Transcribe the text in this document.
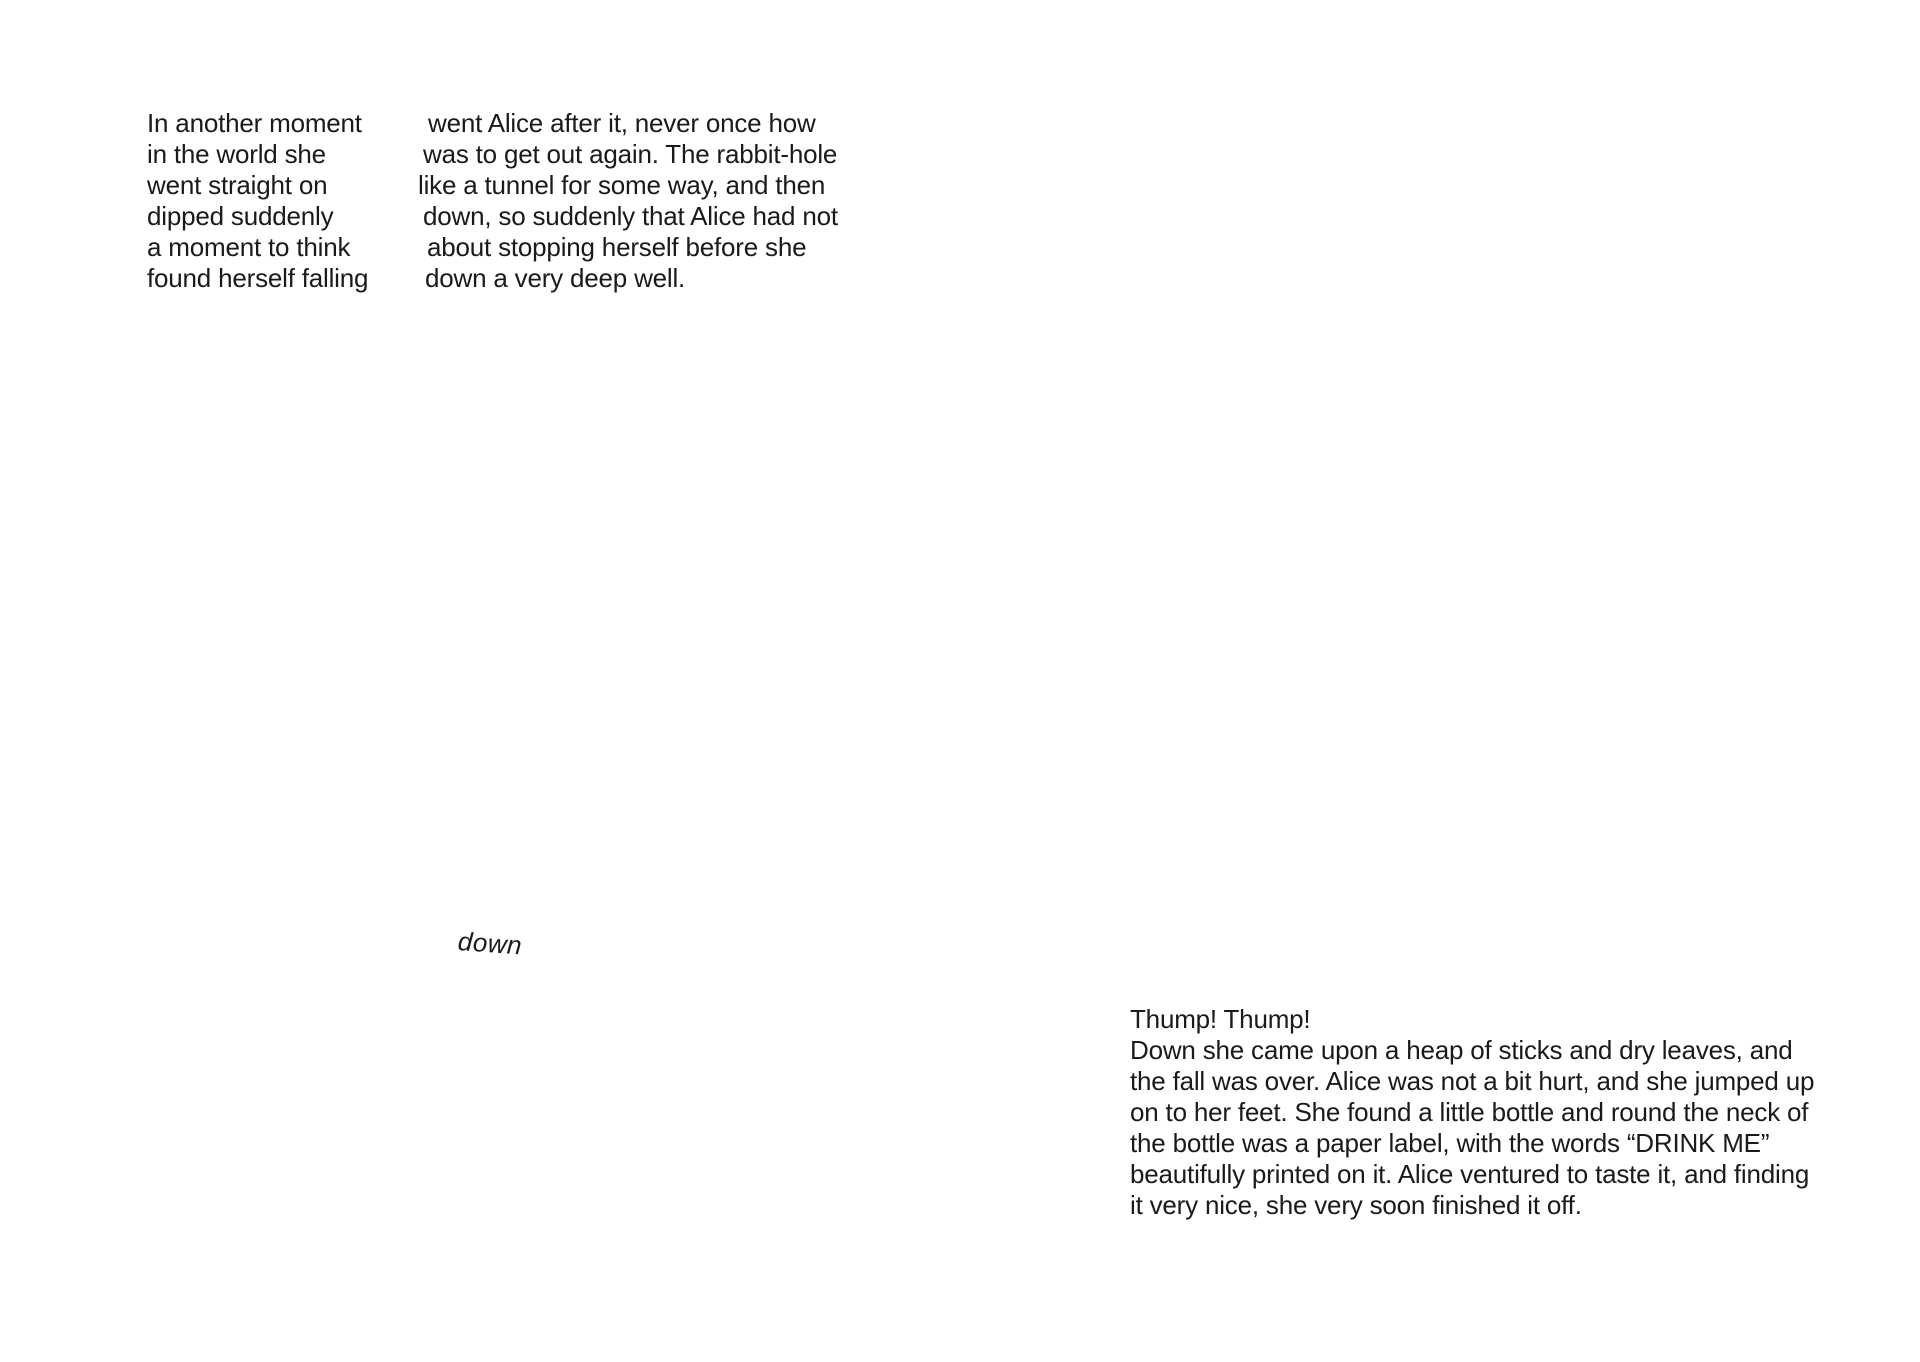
In another moment
in the world she
went straight on
dipped suddenly
a moment to think
found herself falling
went Alice after it, never once how
was to get out again. The rabbit-hole
like a tunnel for some way, and then
down, so suddenly that Alice had not
about stopping herself before she
down a very deep well.
down
Thump! Thump!
Down she came upon a heap of sticks and dry leaves, and
the fall was over. Alice was not a bit hurt, and she jumped up
on to her feet. She found a little bottle and round the neck of
the bottle was a paper label, with the words “DRINK ME”
beautifully printed on it. Alice ventured to taste it, and finding
it very nice, she very soon finished it off.
